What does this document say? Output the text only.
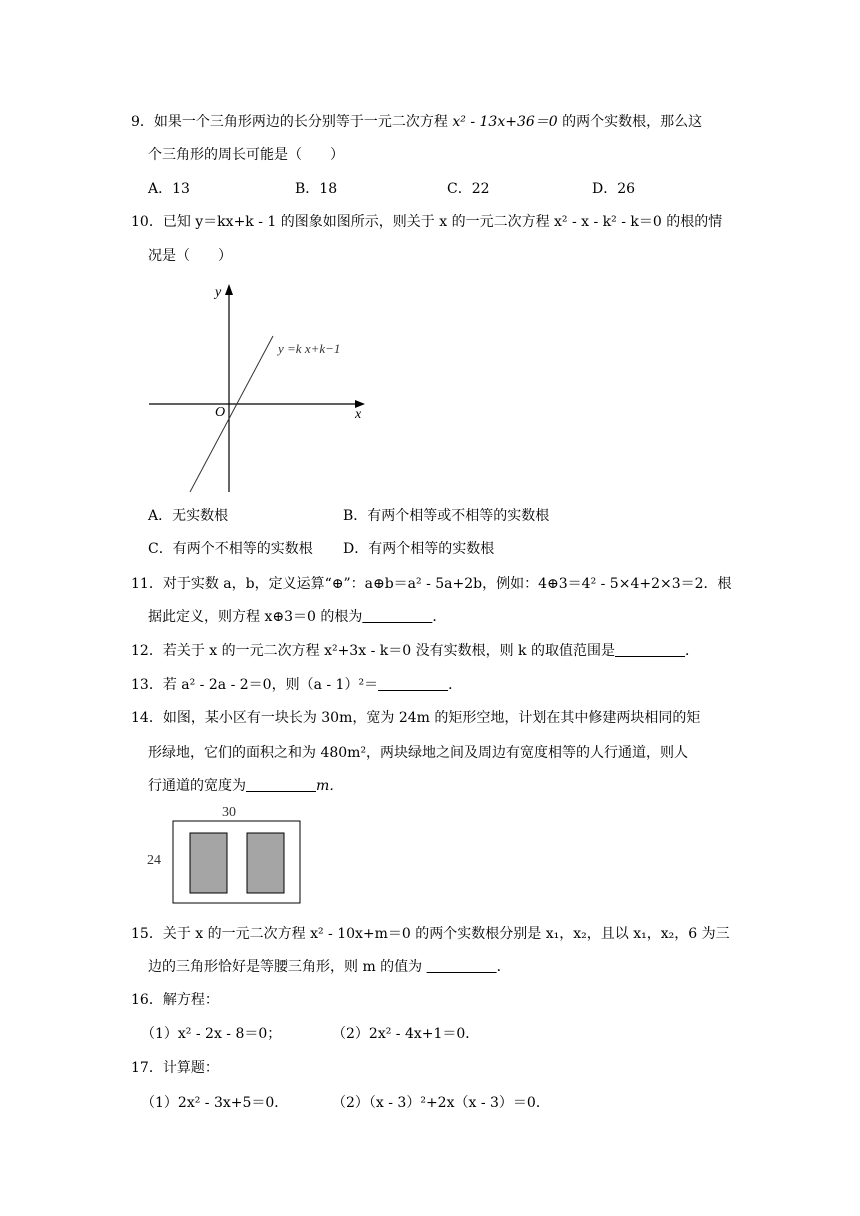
9．如果一个三角形两边的长分别等于一元二次方程 x² - 13x+36＝0 的两个实数根，那么这
个三角形的周长可能是（　　）
A．13	B．18	C．22	D．26
10．已知 y＝kx+k - 1 的图象如图所示，则关于 x 的一元二次方程 x² - x - k² - k＝0 的根的情
况是（　　）
y
x
O
y =k x+k−1
A．无实数根	B．有两个相等或不相等的实数根
C．有两个不相等的实数根 D．有两个相等的实数根
11．对于实数 a，b，定义运算“⊕”：a⊕b＝a² - 5a+2b，例如：4⊕3＝4² - 5×4+2×3＝2．根
据此定义，则方程 x⊕3＝0 的根为　　　　　	．
12．若关于 x 的一元二次方程 x²+3x - k＝0 没有实数根，则 k 的取值范围是　　　　　	．
13．若 a² - 2a - 2＝0，则（a - 1）²＝　　　　　	．
14．如图，某小区有一块长为 30m，宽为 24m 的矩形空地，计划在其中修建两块相同的矩
形绿地，它们的面积之和为 480m²，两块绿地之间及周边有宽度相等的人行通道，则人
行通道的宽度为　　　　　	m．
30
24
15．关于 x 的一元二次方程 x² - 10x+m＝0 的两个实数根分别是 x₁，x₂，且以 x₁，x₂，6 为三
边的三角形恰好是等腰三角形，则 m 的值为 　　　　　	．
16．解方程：
（1）x² - 2x - 8＝0；	（2）2x² - 4x+1＝0．
17．计算题：
（1）2x² - 3x+5＝0．	（2）（x - 3）²+2x（x - 3）＝0．
